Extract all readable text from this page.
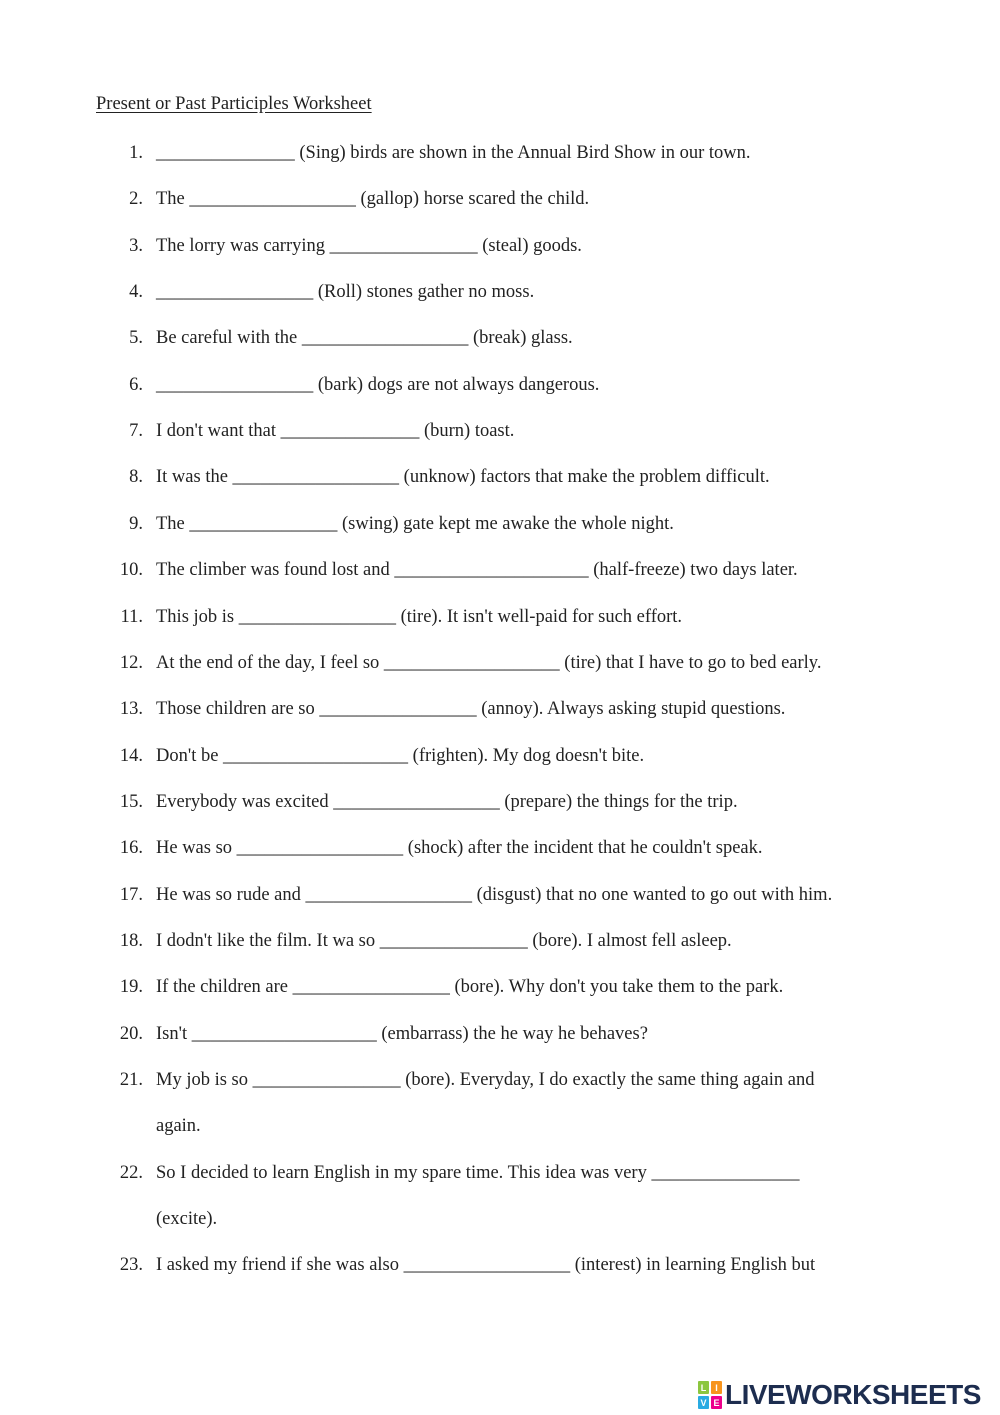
Present or Past Participles Worksheet
1. _______________ (Sing) birds are shown in the Annual Bird Show in our town.
2. The __________________ (gallop) horse scared the child.
3. The lorry was carrying ________________ (steal) goods.
4. _________________ (Roll) stones gather no moss.
5. Be careful with the __________________ (break) glass.
6. _________________ (bark) dogs are not always dangerous.
7. I don't want that _______________ (burn) toast.
8. It was the __________________ (unknow) factors that make the problem difficult.
9. The ________________ (swing) gate kept me awake the whole night.
10. The climber was found lost and _____________________ (half-freeze) two days later.
11. This job is _________________ (tire). It isn't well-paid for such effort.
12. At the end of the day, I feel so ___________________ (tire) that I have to go to bed early.
13. Those children are so _________________ (annoy). Always asking stupid questions.
14. Don't be ____________________ (frighten). My dog doesn't bite.
15. Everybody was excited __________________ (prepare) the things for the trip.
16. He was so __________________ (shock) after the incident that he couldn't speak.
17. He was so rude and __________________ (disgust) that no one wanted to go out with him.
18. I dodn't like the film. It wa so ________________ (bore). I almost fell asleep.
19. If the children are _________________ (bore). Why don't you take them to the park.
20. Isn't ____________________ (embarrass) the he way he behaves?
21. My job is so ________________ (bore). Everyday, I do exactly the same thing again and
again.
22. So I decided to learn English in my spare time. This idea was very ________________
(excite).
23. I asked my friend if she was also __________________ (interest) in learning English but
L I
V E LIVEWORKSHEETS
